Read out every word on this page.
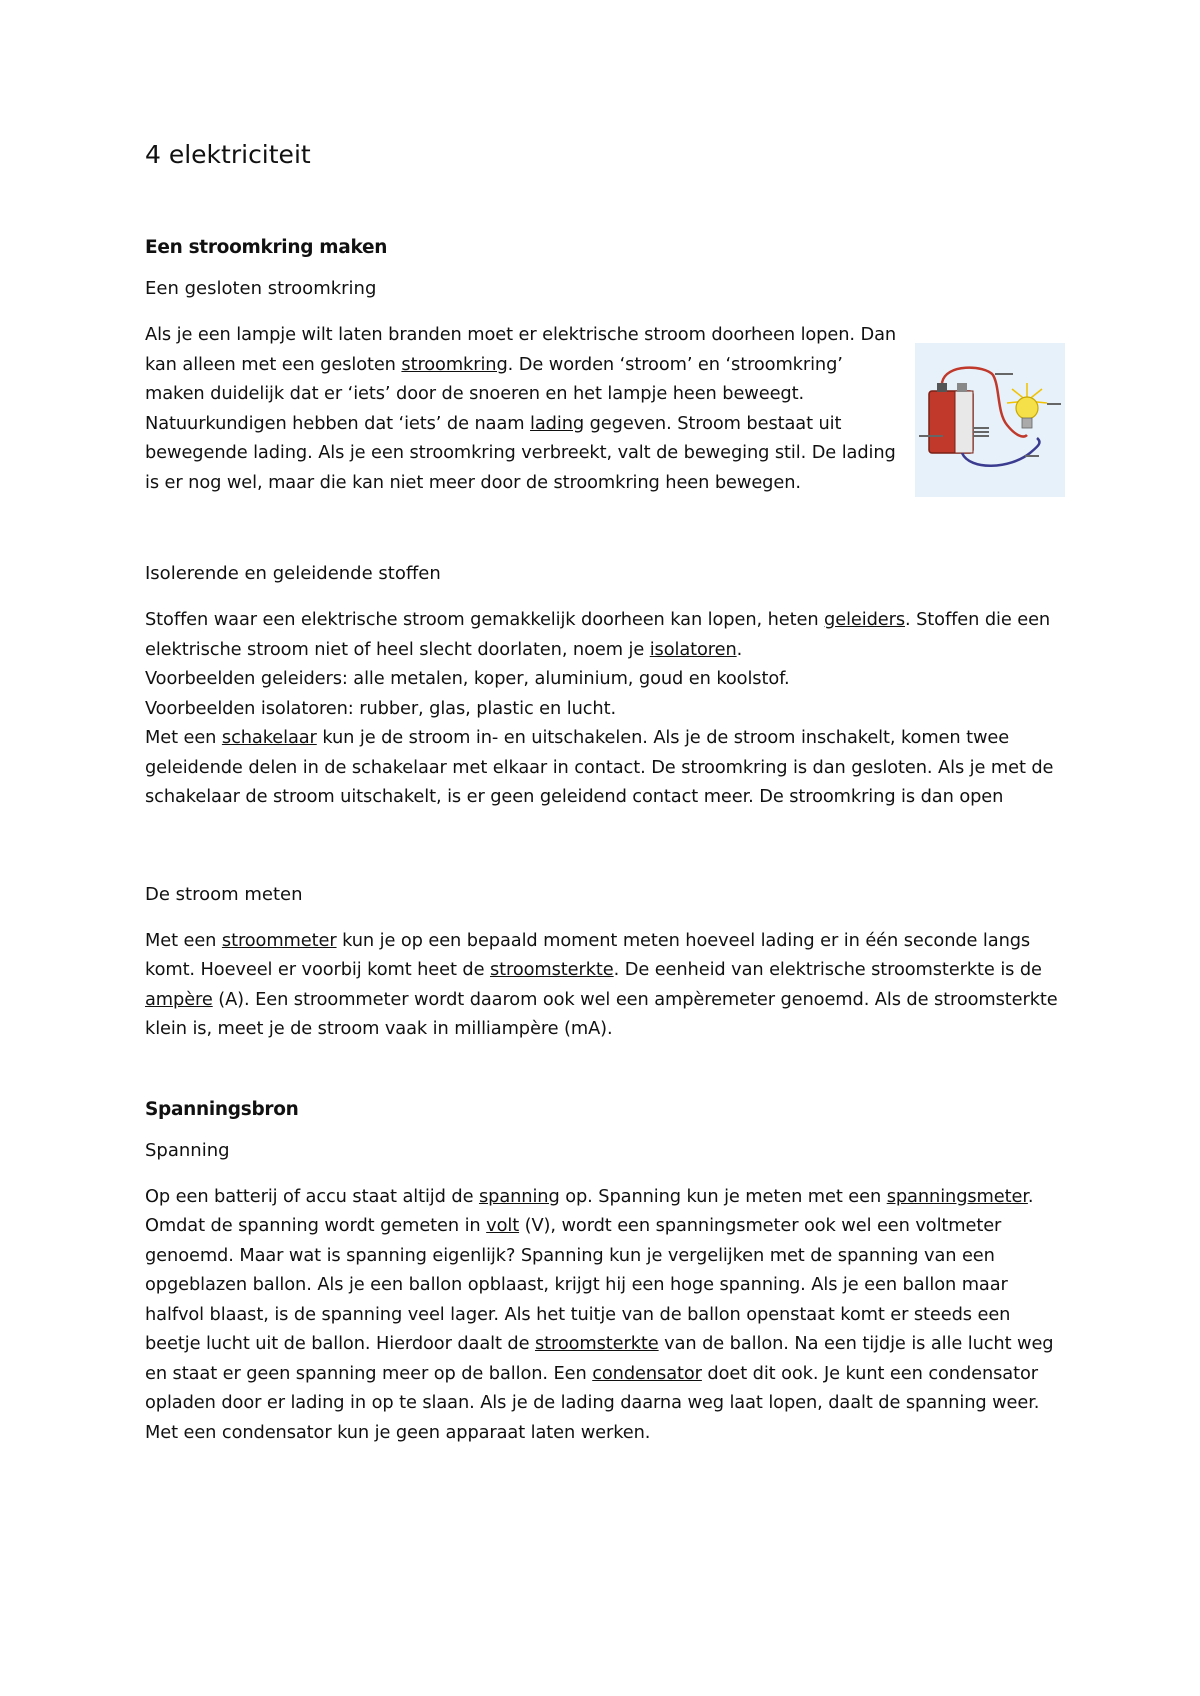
4 elektriciteit
Een stroomkring maken
Een gesloten stroomkring

Als je een lampje wilt laten branden moet er elektrische stroom doorheen lopen. Dan kan alleen met een gesloten stroomkring. De worden ‘stroom’ en ‘stroomkring’ maken duidelijk dat er ‘iets’ door de snoeren en het lampje heen beweegt. Natuurkundigen hebben dat ‘iets’ de naam lading gegeven. Stroom bestaat uit bewegende lading. Als je een stroomkring verbreekt, valt de beweging stil. De lading is er nog wel, maar die kan niet meer door de stroomkring heen bewegen.

Isolerende en geleidende stoffen

Stoffen waar een elektrische stroom gemakkelijk doorheen kan lopen, heten geleiders. Stoffen die een elektrische stroom niet of heel slecht doorlaten, noem je isolatoren.
Voorbeelden geleiders: alle metalen, koper, aluminium, goud en koolstof.
Voorbeelden isolatoren: rubber, glas, plastic en lucht.
Met een schakelaar kun je de stroom in- en uitschakelen. Als je de stroom inschakelt, komen twee geleidende delen in de schakelaar met elkaar in contact. De stroomkring is dan gesloten. Als je met de schakelaar de stroom uitschakelt, is er geen geleidend contact meer. De stroomkring is dan open

De stroom meten

Met een stroommeter kun je op een bepaald moment meten hoeveel lading er in één seconde langs komt. Hoeveel er voorbij komt heet de stroomsterkte. De eenheid van elektrische stroomsterkte is de ampère (A). Een stroommeter wordt daarom ook wel een ampèremeter genoemd. Als de stroomsterkte klein is, meet je de stroom vaak in milliampère (mA).

Spanningsbron
Spanning

Op een batterij of accu staat altijd de spanning op. Spanning kun je meten met een spanningsmeter. Omdat de spanning wordt gemeten in volt (V), wordt een spanningsmeter ook wel een voltmeter genoemd. Maar wat is spanning eigenlijk? Spanning kun je vergelijken met de spanning van een opgeblazen ballon. Als je een ballon opblaast, krijgt hij een hoge spanning. Als je een ballon maar halfvol blaast, is de spanning veel lager. Als het tuitje van de ballon openstaat komt er steeds een beetje lucht uit de ballon. Hierdoor daalt de stroomsterkte van de ballon. Na een tijdje is alle lucht weg en staat er geen spanning meer op de ballon. Een condensator doet dit ook. Je kunt een condensator opladen door er lading in op te slaan. Als je de lading daarna weg laat lopen, daalt de spanning weer. Met een condensator kun je geen apparaat laten werken.
